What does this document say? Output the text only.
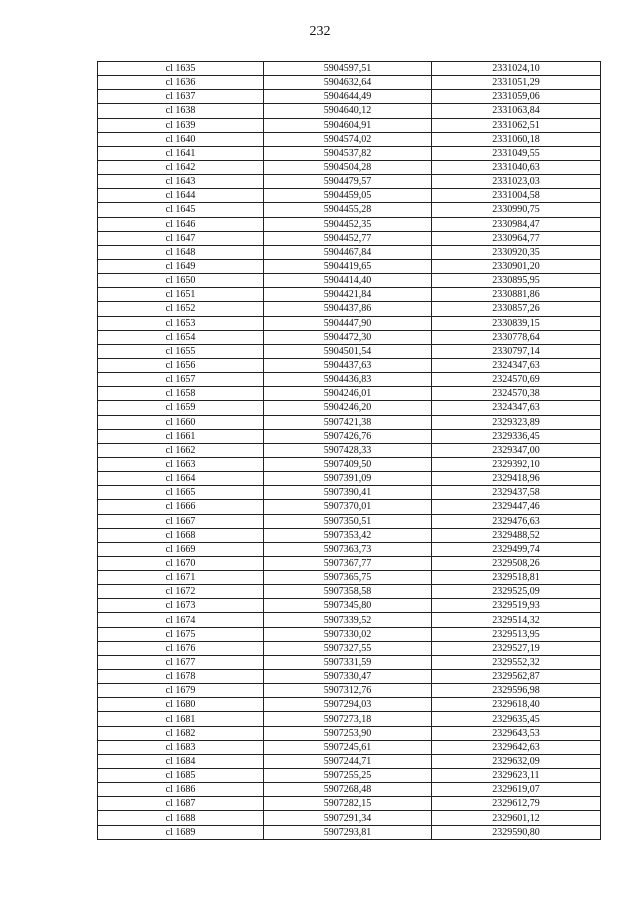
232
cl 1635	5904597,51	2331024,10
cl 1636	5904632,64	2331051,29
cl 1637	5904644,49	2331059,06
cl 1638	5904640,12	2331063,84
cl 1639	5904604,91	2331062,51
cl 1640	5904574,02	2331060,18
cl 1641	5904537,82	2331049,55
cl 1642	5904504,28	2331040,63
cl 1643	5904479,57	2331023,03
cl 1644	5904459,05	2331004,58
cl 1645	5904455,28	2330990,75
cl 1646	5904452,35	2330984,47
cl 1647	5904452,77	2330964,77
cl 1648	5904467,84	2330920,35
cl 1649	5904419,65	2330901,20
cl 1650	5904414,40	2330895,95
cl 1651	5904421,84	2330881,86
cl 1652	5904437,86	2330857,26
cl 1653	5904447,90	2330839,15
cl 1654	5904472,30	2330778,64
cl 1655	5904501,54	2330797,14
cl 1656	5904437,63	2324347,63
cl 1657	5904436,83	2324570,69
cl 1658	5904246,01	2324570,38
cl 1659	5904246,20	2324347,63
cl 1660	5907421,38	2329323,89
cl 1661	5907426,76	2329336,45
cl 1662	5907428,33	2329347,00
cl 1663	5907409,50	2329392,10
cl 1664	5907391,09	2329418,96
cl 1665	5907390,41	2329437,58
cl 1666	5907370,01	2329447,46
cl 1667	5907350,51	2329476,63
cl 1668	5907353,42	2329488,52
cl 1669	5907363,73	2329499,74
cl 1670	5907367,77	2329508,26
cl 1671	5907365,75	2329518,81
cl 1672	5907358,58	2329525,09
cl 1673	5907345,80	2329519,93
cl 1674	5907339,52	2329514,32
cl 1675	5907330,02	2329513,95
cl 1676	5907327,55	2329527,19
cl 1677	5907331,59	2329552,32
cl 1678	5907330,47	2329562,87
cl 1679	5907312,76	2329596,98
cl 1680	5907294,03	2329618,40
cl 1681	5907273,18	2329635,45
cl 1682	5907253,90	2329643,53
cl 1683	5907245,61	2329642,63
cl 1684	5907244,71	2329632,09
cl 1685	5907255,25	2329623,11
cl 1686	5907268,48	2329619,07
cl 1687	5907282,15	2329612,79
cl 1688	5907291,34	2329601,12
cl 1689	5907293,81	2329590,80
